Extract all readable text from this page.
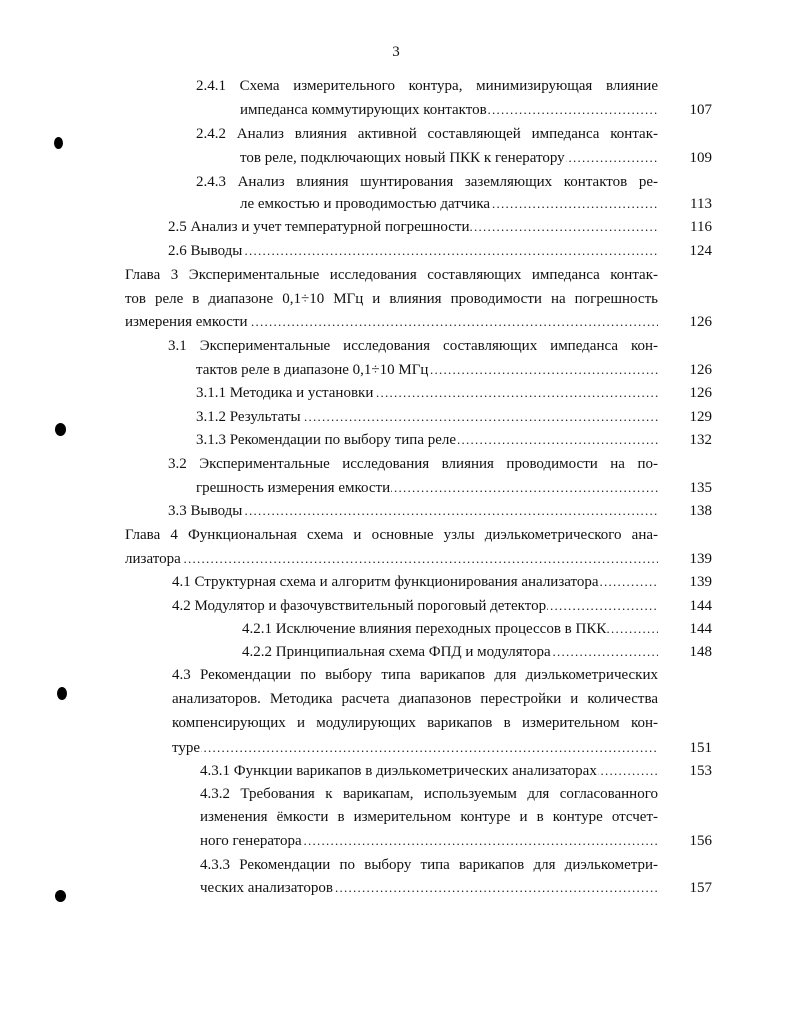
3
2.4.1 Схема измерительного контура, минимизирующая влияние
импеданса коммутирующих контактов . . .	107
2.4.2 Анализ влияния активной составляющей импеданса контак-
тов реле, подключающих новый ПКК к генератору . . .	109
2.4.3 Анализ влияния шунтирования заземляющих контактов ре-
ле емкостью и проводимостью датчика . . .	113
2.5 Анализ и учет температурной погрешности . . .	116
2.6 Выводы . . .	124
Глава 3 Экспериментальные исследования составляющих импеданса контак-
тов реле в диапазоне 0,1÷10 МГц и влияния проводимости на погрешность
измерения емкости . . .	126
3.1 Экспериментальные исследования составляющих импеданса кон-
тактов реле в диапазоне 0,1÷10 МГц . . .	126
3.1.1 Методика и установки . . .	126
3.1.2 Результаты . . .	129
3.1.3 Рекомендации по выбору типа реле . . .	132
3.2 Экспериментальные исследования влияния проводимости на по-
грешность измерения емкости . . .	135
3.3 Выводы . . .	138
Глава 4 Функциональная схема и основные узлы диэлькометрического ана-
лизатора . . .	139
4.1 Структурная схема и алгоритм функционирования анализатора . . .	139
4.2 Модулятор и фазочувствительный пороговый детектор . . .	144
4.2.1 Исключение влияния переходных процессов в ПКК . . .	144
4.2.2 Принципиальная схема ФПД и модулятора . . .	148
4.3 Рекомендации по выбору типа варикапов для диэлькометрических
анализаторов. Методика расчета диапазонов перестройки и количества
компенсирующих и модулирующих варикапов в измерительном кон-
туре . . .	151
4.3.1 Функции варикапов в диэлькометрических анализаторах . . .	153
4.3.2 Требования к варикапам, используемым для согласованного
изменения ёмкости в измерительном контуре и в контуре отсчет-
ного генератора . . .	156
4.3.3 Рекомендации по выбору типа варикапов для диэлькометри-
ческих анализаторов . . .	157
